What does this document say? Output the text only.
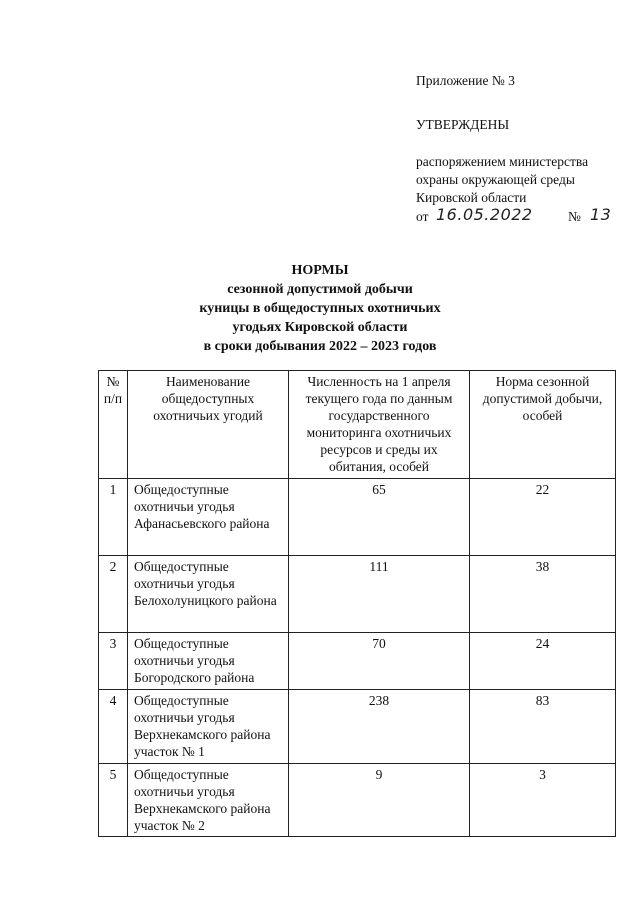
Приложение № 3
УТВЕРЖДЕНЫ
распоряжением министерства
охраны окружающей среды
Кировской области
от 16.05.2022	№ 13
НОРМЫ
сезонной допустимой добычи
куницы в общедоступных охотничьих
угодьях Кировской области
в сроки добывания 2022 – 2023 годов
№ п/п	Наименование общедоступных охотничьих угодий	Численность на 1 апреля текущего года по данным государственного мониторинга охотничьих ресурсов и среды их обитания, особей	Норма сезонной допустимой добычи, особей
1	Общедоступные охотничьи угодья Афанасьевского района	65	22
2	Общедоступные охотничьи угодья Белохолуницкого района	111	38
3	Общедоступные охотничьи угодья Богородского района	70	24
4	Общедоступные охотничьи угодья Верхнекамского района участок № 1	238	83
5	Общедоступные охотничьи угодья Верхнекамского района участок № 2	9	3
